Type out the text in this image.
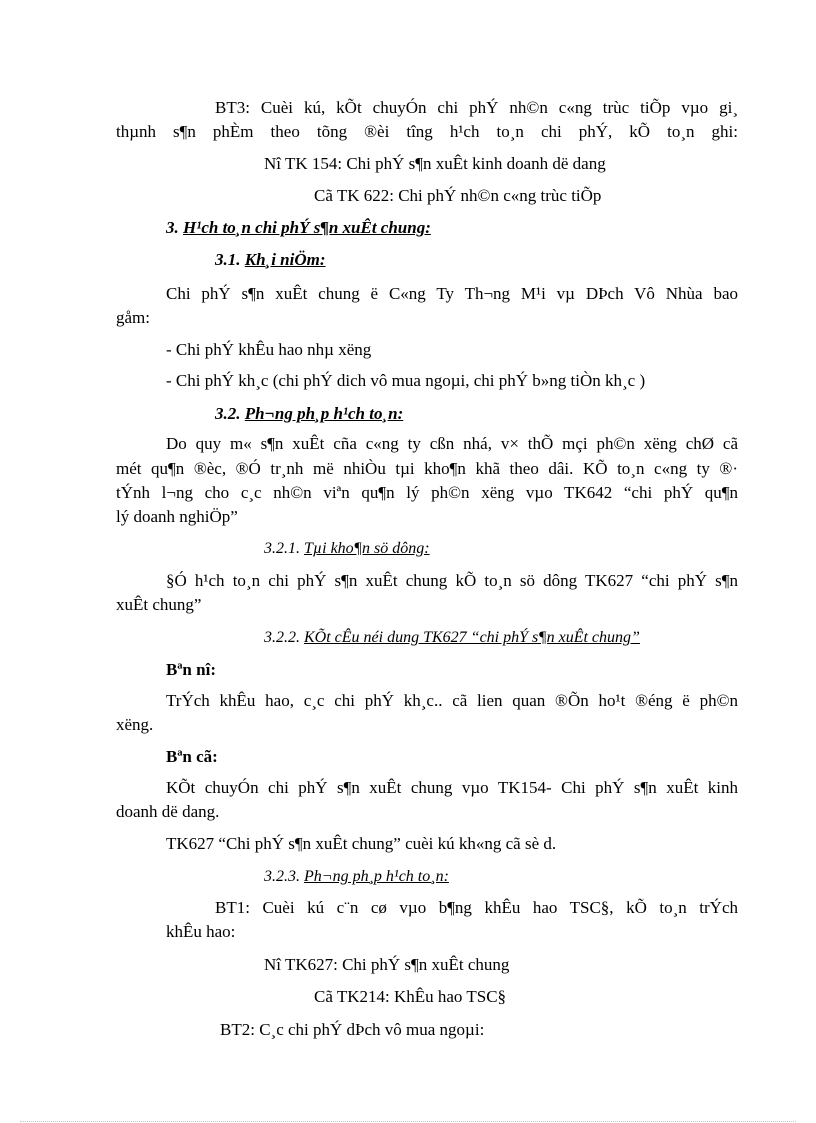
BT3: Cuèi kú, kÕt chuyÓn chi phÝ nh©n c«ng trùc tiÕp vµo gi¸
thµnh s¶n phÈm theo tõng ®èi tîng h¹ch to¸n chi phÝ, kÕ to¸n ghi:
Nî TK 154: Chi phÝ s¶n xuÊt kinh doanh dë dang
Cã TK 622: Chi phÝ nh©n c«ng trùc tiÕp
3. H¹ch to¸n chi phÝ s¶n xuÊt chung:
3.1. Kh¸i niÖm:
Chi phÝ s¶n xuÊt chung ë C«ng Ty Th¬ng M¹i vµ DÞch Vô Nhùa bao
gåm:
- Chi phÝ khÊu hao nhµ xëng
- Chi phÝ kh¸c (chi phÝ dich vô mua ngoµi, chi phÝ b»ng tiÒn kh¸c )
3.2. Ph¬ng ph¸p h¹ch to¸n:
Do quy m« s¶n xuÊt cña c«ng ty cßn nhá, v× thÕ mçi ph©n xëng chØ cã
mét qu¶n ®èc, ®Ó tr¸nh më nhiÒu tµi kho¶n khã theo dâi. KÕ to¸n c«ng ty ®·
tÝnh l¬ng cho c¸c nh©n viªn qu¶n lý ph©n xëng vµo TK642 “chi phÝ qu¶n
lý doanh nghiÖp”
3.2.1. Tµi kho¶n sö dông:
§Ó h¹ch to¸n chi phÝ s¶n xuÊt chung kÕ to¸n sö dông TK627 “chi phÝ s¶n
xuÊt chung”
3.2.2. KÕt cÊu néi dung TK627 “chi phÝ s¶n xuÊt chung”
Bªn nî:
TrÝch khÊu hao, c¸c chi phÝ kh¸c.. cã lien quan ®Õn ho¹t ®éng ë ph©n
xëng.
Bªn cã:
KÕt chuyÓn chi phÝ s¶n xuÊt chung vµo TK154- Chi phÝ s¶n xuÊt kinh
doanh dë dang.
TK627 “Chi phÝ s¶n xuÊt chung” cuèi kú kh«ng cã sè d.
3.2.3. Ph¬ng ph¸p h¹ch to¸n:
BT1: Cuèi kú c¨n cø vµo b¶ng khÊu hao TSC§, kÕ to¸n trÝch
khÊu hao:
Nî TK627: Chi phÝ s¶n xuÊt chung
Cã TK214: KhÊu hao TSC§
BT2: C¸c chi phÝ dÞch vô mua ngoµi:
